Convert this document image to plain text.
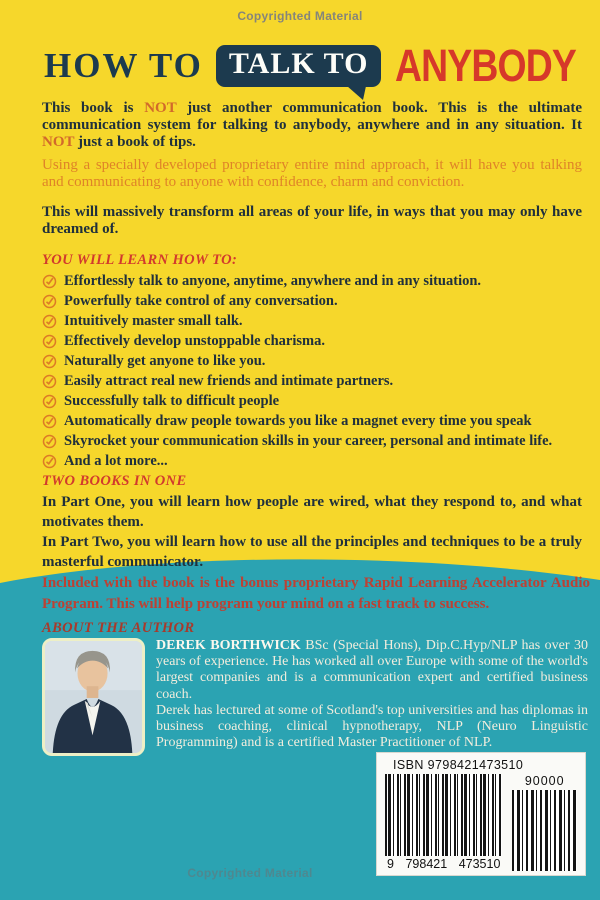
Copyrighted Material
HOW TO TALK TO ANYBODY

This book is NOT just another communication book. This is the ultimate communication system for talking to anybody, anywhere and in any situation. It NOT just a book of tips.

Using a specially developed proprietary entire mind approach, it will have you talking and communicating to anyone with confidence, charm and conviction.

This will massively transform all areas of your life, in ways that you may only have dreamed of.

YOU WILL LEARN HOW TO:
Effortlessly talk to anyone, anytime, anywhere and in any situation.
Powerfully take control of any conversation.
Intuitively master small talk.
Effectively develop unstoppable charisma.
Naturally get anyone to like you.
Easily attract real new friends and intimate partners.
Successfully talk to difficult people
Automatically draw people towards you like a magnet every time you speak
Skyrocket your communication skills in your career, personal and intimate life.
And a lot more...
TWO BOOKS IN ONE

In Part One, you will learn how people are wired, what they respond to, and what motivates them.

In Part Two, you will learn how to use all the principles and techniques to be a truly masterful communicator.

Included with the book is the bonus proprietary Rapid Learning Accelerator Audio Program. This will help program your mind on a fast track to success.

ABOUT THE AUTHOR

DEREK BORTHWICK BSc (Special Hons), Dip.C.Hyp/NLP has over 30 years of experience. He has worked all over Europe with some of the world's largest companies and is a communication expert and certified business coach.

Derek has lectured at some of Scotland's top universities and has diplomas in business coaching, clinical hypnotherapy, NLP (Neuro Linguistic Programming) and is a certified Master Practitioner of NLP.

ISBN 9798421473510
9 798421 473510
90000
Copyrighted Material
